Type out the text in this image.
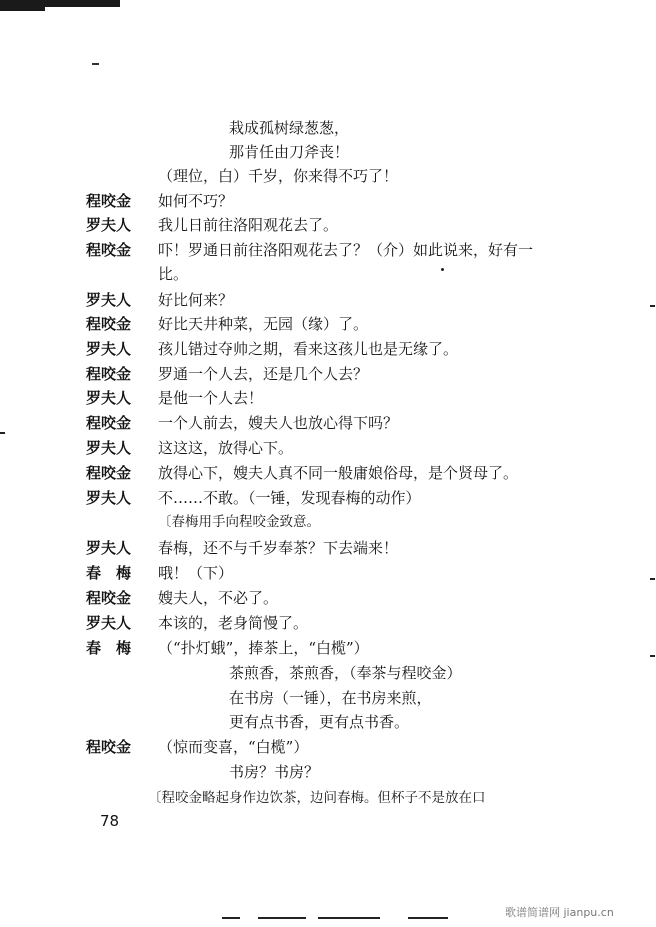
栽成孤树绿葱葱，
那肯任由刀斧丧！
（理位，白）千岁，你来得不巧了！
程咬金	如何不巧？
罗夫人	我儿日前往洛阳观花去了。
程咬金	吓！罗通日前往洛阳观花去了？（介）如此说来，好有一
比。
罗夫人	好比何来？
程咬金	好比天井种菜，无园（缘）了。
罗夫人	孩儿错过夺帅之期，看来这孩儿也是无缘了。
程咬金	罗通一个人去，还是几个人去？
罗夫人	是他一个人去！
程咬金	一个人前去，嫂夫人也放心得下吗？
罗夫人	这这这，放得心下。
程咬金	放得心下，嫂夫人真不同一般庸娘俗母，是个贤母了。
罗夫人	不……不敢。（一锤，发现春梅的动作）
〔春梅用手向程咬金致意。
罗夫人	春梅，还不与千岁奉茶？下去端来！
春梅 哦！（下）
程咬金	嫂夫人，不必了。
罗夫人	本该的，老身简慢了。
春梅 （“扑灯蛾”，捧茶上，“白榄”）
茶煎香，茶煎香，（奉茶与程咬金）
在书房（一锤），在书房来煎，
更有点书香，更有点书香。
程咬金	（惊而变喜，“白榄”）
书房？书房？
〔程咬金略起身作边饮茶，边问春梅。但杯子不是放在口
78
歌谱简谱网 jianpu.cn
